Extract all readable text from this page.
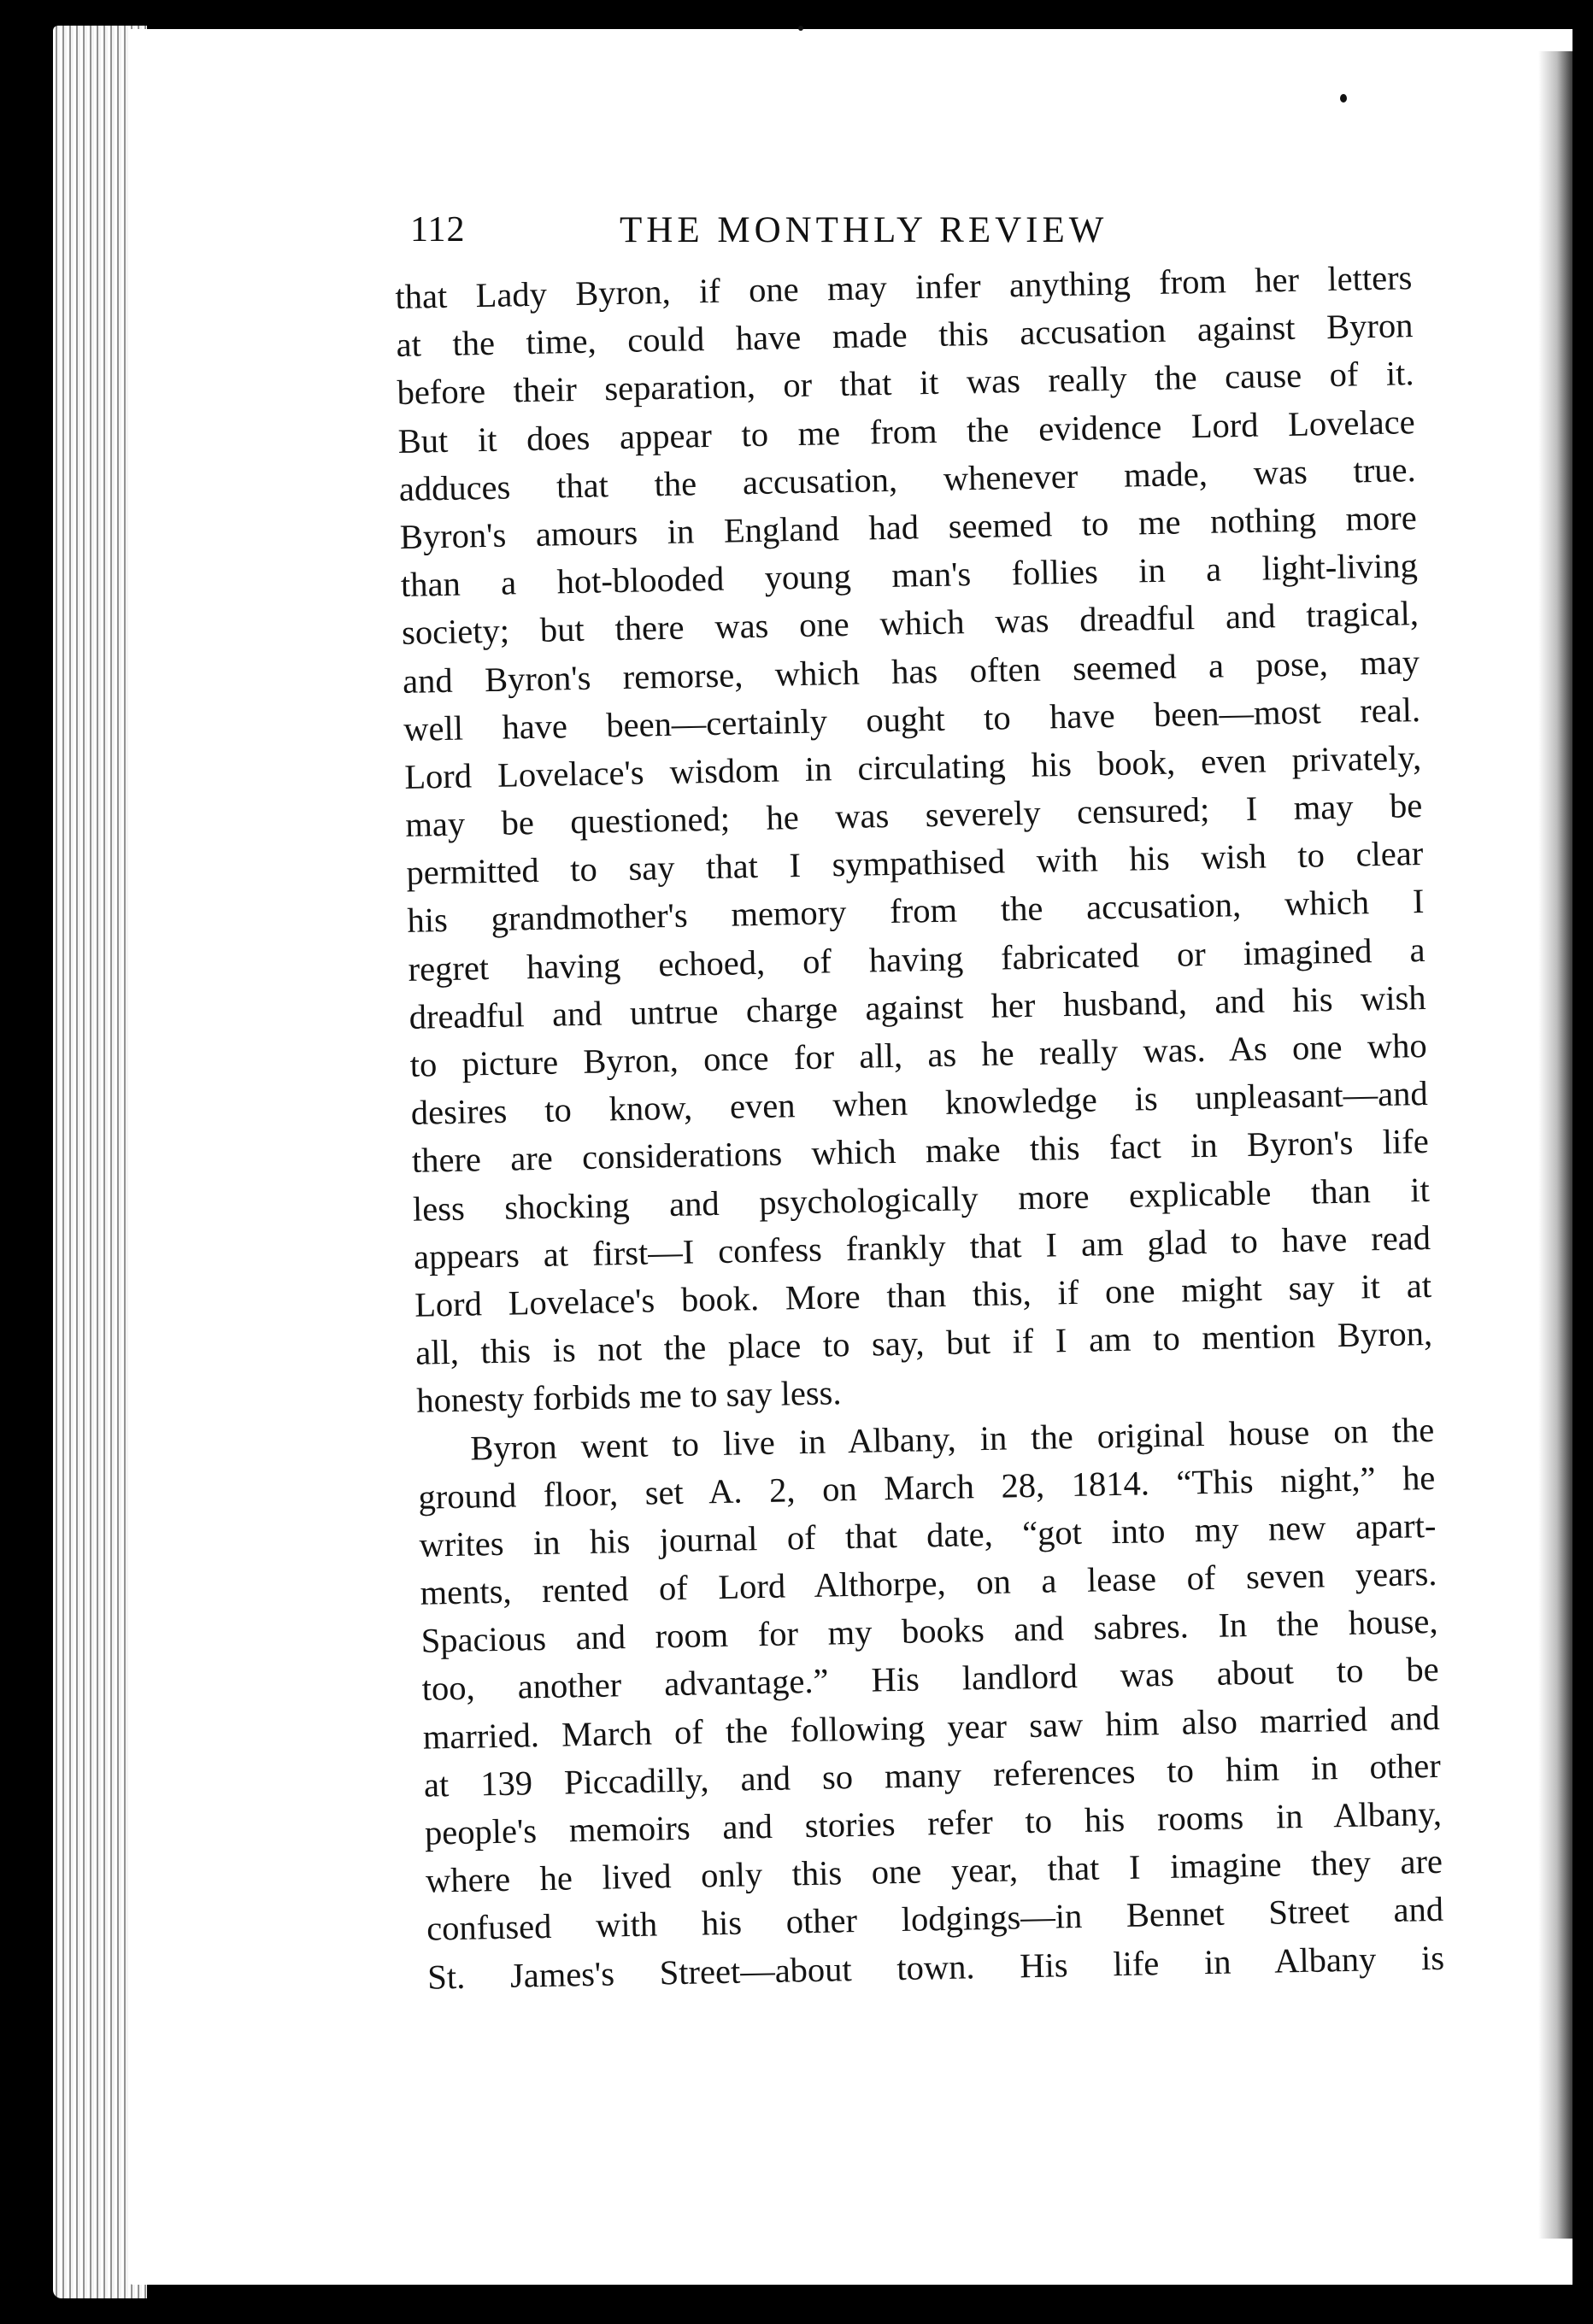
112	THE MONTHLY REVIEW
that Lady Byron, if one may infer anything from her letters
at the time, could have made this accusation against Byron
before their separation, or that it was really the cause of it.
But it does appear to me from the evidence Lord Lovelace
adduces that the accusation, whenever made, was true.
Byron's amours in England had seemed to me nothing more
than a hot-blooded young man's follies in a light-living
society; but there was one which was dreadful and tragical,
and Byron's remorse, which has often seemed a pose, may
well have been—certainly ought to have been—most real.
Lord Lovelace's wisdom in circulating his book, even privately,
may be questioned; he was severely censured; I may be
permitted to say that I sympathised with his wish to clear
his grandmother's memory from the accusation, which I
regret having echoed, of having fabricated or imagined a
dreadful and untrue charge against her husband, and his wish
to picture Byron, once for all, as he really was. As one who
desires to know, even when knowledge is unpleasant—and
there are considerations which make this fact in Byron's life
less shocking and psychologically more explicable than it
appears at first—I confess frankly that I am glad to have read
Lord Lovelace's book. More than this, if one might say it at
all, this is not the place to say, but if I am to mention Byron,
honesty forbids me to say less.
Byron went to live in Albany, in the original house on the
ground floor, set A. 2, on March 28, 1814. “This night,” he
writes in his journal of that date, “got into my new apart-
ments, rented of Lord Althorpe, on a lease of seven years.
Spacious and room for my books and sabres. In the house,
too, another advantage.” His landlord was about to be
married. March of the following year saw him also married and
at 139 Piccadilly, and so many references to him in other
people's memoirs and stories refer to his rooms in Albany,
where he lived only this one year, that I imagine they are
confused with his other lodgings—in Bennet Street and
St. James's Street—about town. His life in Albany is
